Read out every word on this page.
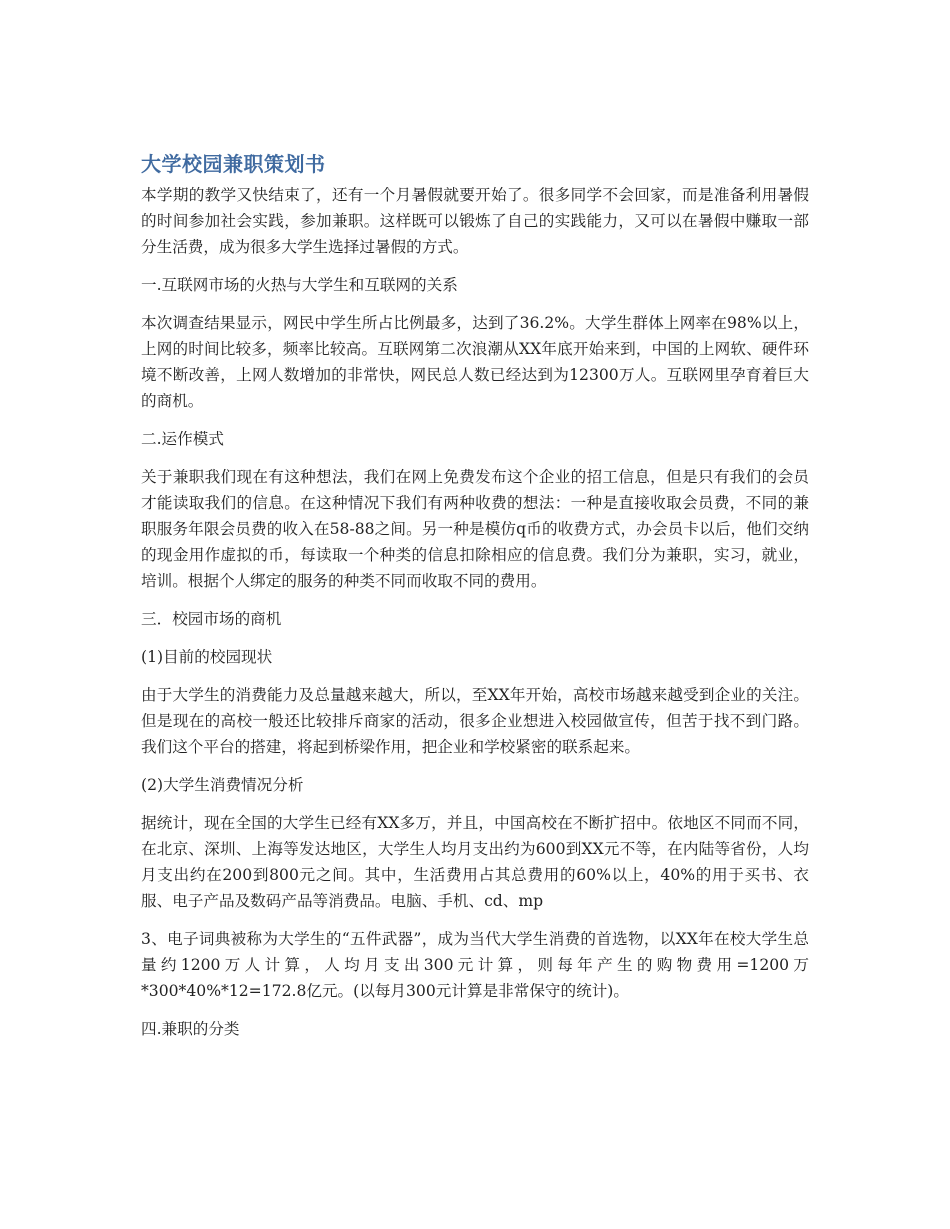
大学校园兼职策划书

本学期的教学又快结束了，还有一个月暑假就要开始了。很多同学不会回家，而是准备利用暑假的时间参加社会实践，参加兼职。这样既可以锻炼了自己的实践能力，又可以在暑假中赚取一部分生活费，成为很多大学生选择过暑假的方式。

一.互联网市场的火热与大学生和互联网的关系

本次调查结果显示，网民中学生所占比例最多，达到了36.2%。大学生群体上网率在98%以上，上网的时间比较多，频率比较高。互联网第二次浪潮从XX年底开始来到，中国的上网软、硬件环境不断改善，上网人数增加的非常快，网民总人数已经达到为12300万人。互联网里孕育着巨大的商机。

二.运作模式

关于兼职我们现在有这种想法，我们在网上免费发布这个企业的招工信息，但是只有我们的会员才能读取我们的信息。在这种情况下我们有两种收费的想法：一种是直接收取会员费，不同的兼职服务年限会员费的收入在58-88之间。另一种是模仿q币的收费方式，办会员卡以后，他们交纳的现金用作虚拟的币，每读取一个种类的信息扣除相应的信息费。我们分为兼职，实习，就业，培训。根据个人绑定的服务的种类不同而收取不同的费用。

三．校园市场的商机

(1)目前的校园现状

由于大学生的消费能力及总量越来越大，所以，至XX年开始，高校市场越来越受到企业的关注。但是现在的高校一般还比较排斥商家的活动，很多企业想进入校园做宣传，但苦于找不到门路。我们这个平台的搭建，将起到桥梁作用，把企业和学校紧密的联系起来。

(2)大学生消费情况分析

据统计，现在全国的大学生已经有XX多万，并且，中国高校在不断扩招中。依地区不同而不同，在北京、深圳、上海等发达地区，大学生人均月支出约为600到XX元不等，在内陆等省份，人均月支出约在200到800元之间。其中，生活费用占其总费用的60%以上，40%的用于买书、衣服、电子产品及数码产品等消费品。电脑、手机、cd、mp

3、电子词典被称为大学生的“五件武器”，成为当代大学生消费的首选物，以XX年在校大学生总量约1200万人计算，人均月支出300元计算，则每年产生的购物费用=1200万*300*40%*12=172.8亿元。(以每月300元计算是非常保守的统计)。

四.兼职的分类
